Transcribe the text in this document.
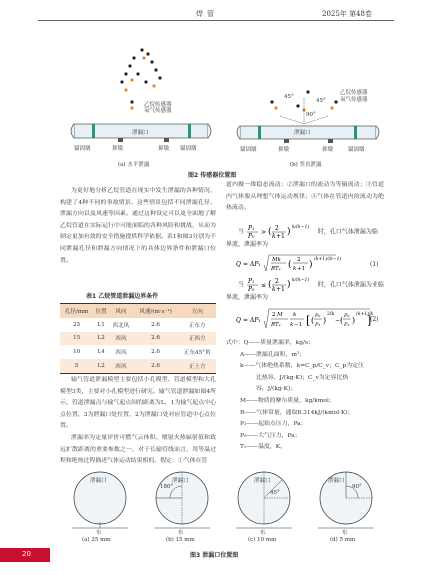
焊管	2025年 第48卷
乙烷传感器
氧气传感器
泄漏口
锚固墩	抑墩	抑墩 锚固墩
(a) 水平泄露
乙烷传感器
氧气传感器
45°
45°
90°
泄漏口
锚固墩	抑墩	抑墩	锚固墩
(b) 竖直泄露
图2 传感器位置图
为更好地分析乙烷管道在现实中发生泄漏的各种情况，构建了4种不同的事故情景。这些情景包括不同泄漏孔径、泄漏方向以及风速等因素。通过这种设定可以更全面地了解乙烷管道在实际运行中可能面临的各种风险和挑战，从而为制定更加有效的安全措施提供科学依据。表1和图3分别为不同泄漏孔径和泄漏方向情况下的具体边界条件和泄漏口位置。
表1 乙烷管道泄漏边界条件
孔径/mm	位置	风向	风速/(m·s⁻¹)	方向
25	L1	西北风	2.6	正东方
15	L2	西风	2.6	正西方
10	L4	西风	2.6	正东45°角
5	L2	西风	2.6	正上方
输气管道泄漏模型主要包括小孔模型、管道模型和大孔模型3类，主要对小孔模型进行研究。输气管道泄漏如图4所示，管道泄漏点与输气起点间的距离为L，1为输气起点中心点位置，3为泄漏口处位置，2为泄漏口处对应管道中心点位置。
泄漏率为定量评价可燃气云体积、喷射火热辐射值和致远扩散距离的重要参数之一，对于长输管线而言，用等温过程和绝热过程描述气体运动结果相似。假定：①气体在管
道内做一维稳态流动；②泄漏口的流动为等熵流动；③管道内气体服从理想气体运动规律；④气体在管道内的流动为绝热流动。
当 P₁
P₀
> ( 2
k +1 ) k/(k−1)
时，孔口气体泄漏为临
界流，泄漏率为
Q = AP₁
Mk
RT₁ ( 2
k +1 )
(k+1)/(k−1)
(1)
当 P₁
P₀
≤ ( 2
k +1 ) k/(k−1)
时，孔口气体泄漏为亚临
界流，泄漏率为
Q = AP₁
2 M
RT₁
k
k −1 [ ( P₀
P₁ )
2/k
− ( P₀
P₁ )
(k+1)/k
]
(2)
式中：Q——质量泄漏率，kg/s；
A——泄漏孔面积，m²；
k——气体绝热系数，k=C_p/C_v；C_p为定压
比热容，J/(kg·K)；C_v为定容比热
容，J/(kg·K)；
M——物质的摩尔质量，kg/kmol；
R——气体常量，通取8.314kJ/(kmol·K)；
P₁——起始点压力，Pa；
P₀——大气压力，Pa；
T₁——温度，K。
泄漏口	泄漏口	泄漏口	泄漏口
180°
45°
90°
东	东	东	东
(a) 25 mm	(b) 15 mm	(c) 10 mm	(d) 5 mm
图3 泄漏口位置图
20
